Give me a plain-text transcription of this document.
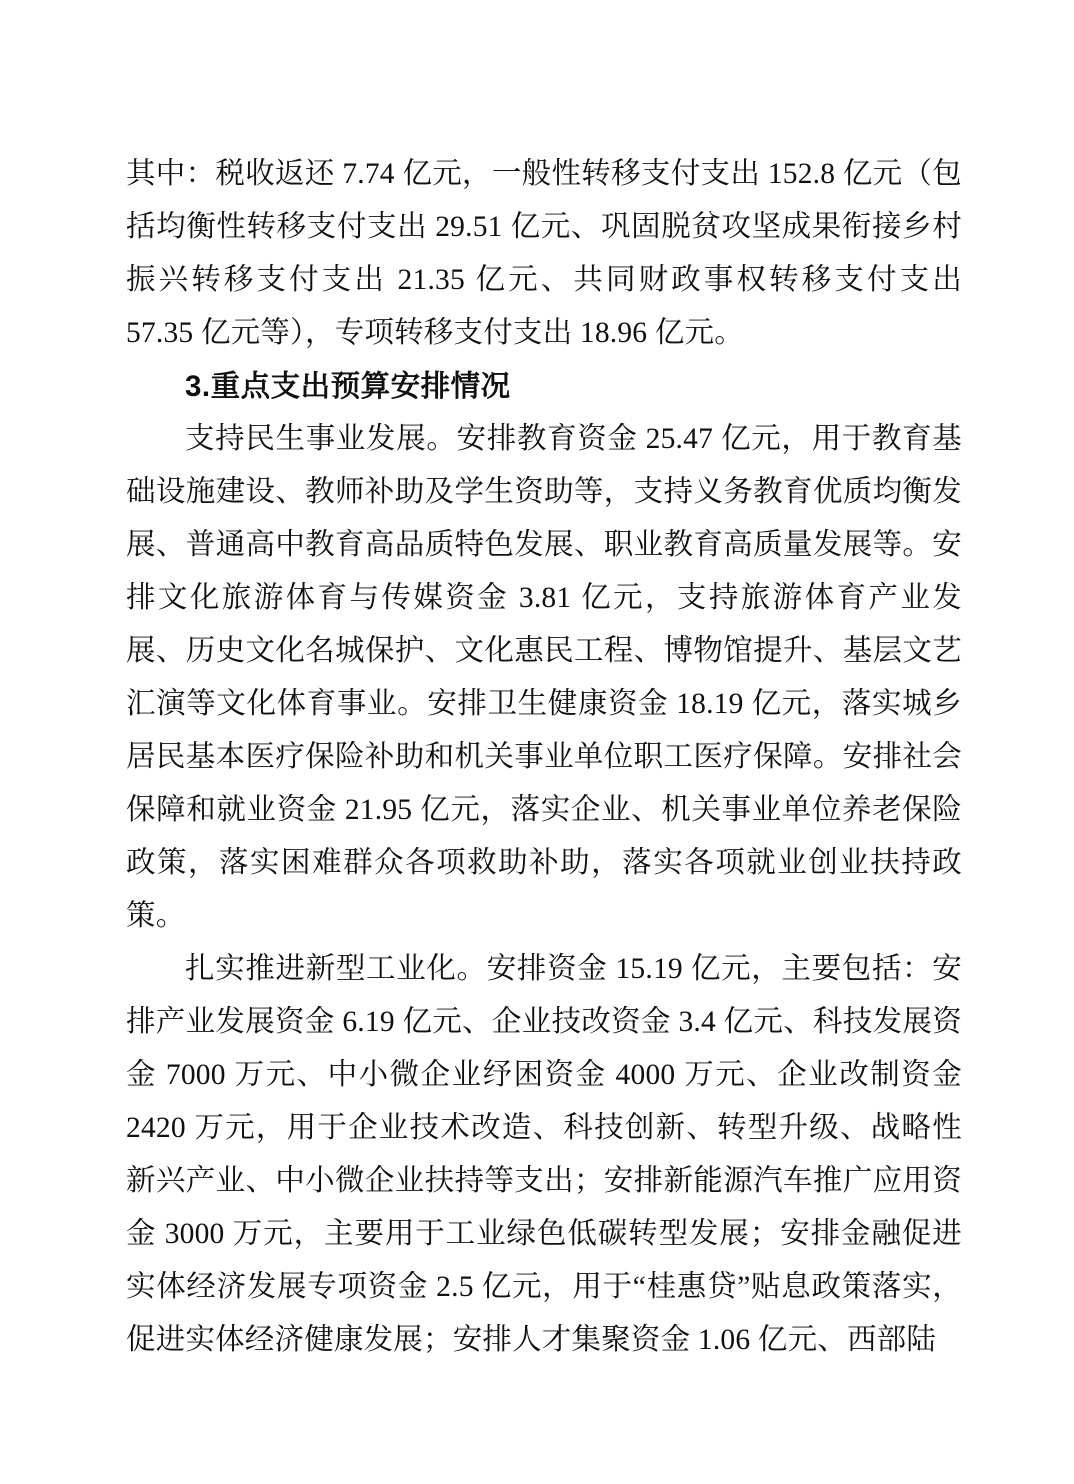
其中：税收返还 7.74 亿元，一般性转移支付支出 152.8 亿元（包括均衡性转移支付支出 29.51 亿元、巩固脱贫攻坚成果衔接乡村振兴转移支付支出 21.35 亿元、共同财政事权转移支付支出 57.35 亿元等），专项转移支付支出 18.96 亿元。

3.重点支出预算安排情况

支持民生事业发展。安排教育资金 25.47 亿元，用于教育基础设施建设、教师补助及学生资助等，支持义务教育优质均衡发展、普通高中教育高品质特色发展、职业教育高质量发展等。安排文化旅游体育与传媒资金 3.81 亿元，支持旅游体育产业发展、历史文化名城保护、文化惠民工程、博物馆提升、基层文艺汇演等文化体育事业。安排卫生健康资金 18.19 亿元，落实城乡居民基本医疗保险补助和机关事业单位职工医疗保障。安排社会保障和就业资金 21.95 亿元，落实企业、机关事业单位养老保险政策，落实困难群众各项救助补助，落实各项就业创业扶持政策。

扎实推进新型工业化。安排资金 15.19 亿元，主要包括：安排产业发展资金 6.19 亿元、企业技改资金 3.4 亿元、科技发展资金 7000 万元、中小微企业纾困资金 4000 万元、企业改制资金 2420 万元，用于企业技术改造、科技创新、转型升级、战略性新兴产业、中小微企业扶持等支出；安排新能源汽车推广应用资金 3000 万元，主要用于工业绿色低碳转型发展；安排金融促进实体经济发展专项资金 2.5 亿元，用于“桂惠贷”贴息政策落实，促进实体经济健康发展；安排人才集聚资金 1.06 亿元、西部陆
